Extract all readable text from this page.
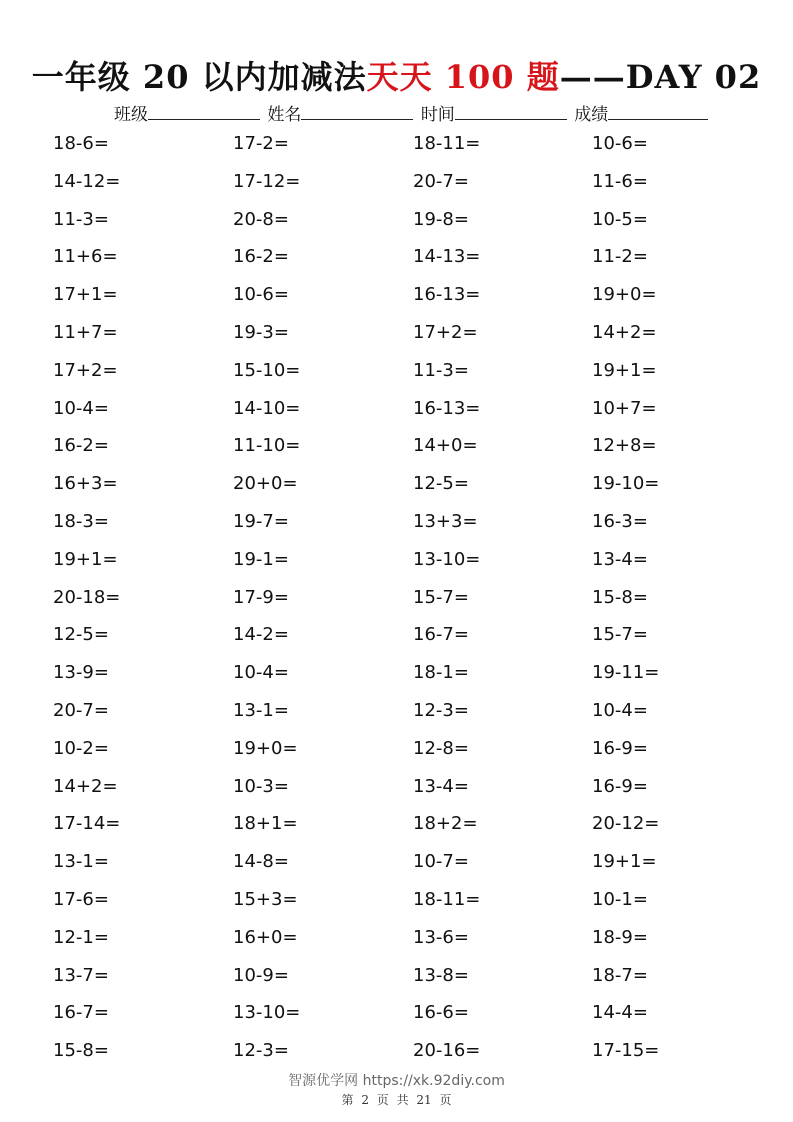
一年级 20 以内加减法天天 100 题——DAY 02
班级	姓名	时间	成绩
18-6=	17-2=	18-11=	10-6=
14-12=	17-12=	20-7=	11-6=
11-3=	20-8=	19-8=	10-5=
11+6=	16-2=	14-13=	11-2=
17+1=	10-6=	16-13=	19+0=
11+7=	19-3=	17+2=	14+2=
17+2=	15-10=	11-3=	19+1=
10-4=	14-10=	16-13=	10+7=
16-2=	11-10=	14+0=	12+8=
16+3=	20+0=	12-5=	19-10=
18-3=	19-7=	13+3=	16-3=
19+1=	19-1=	13-10=	13-4=
20-18=	17-9=	15-7=	15-8=
12-5=	14-2=	16-7=	15-7=
13-9=	10-4=	18-1=	19-11=
20-7=	13-1=	12-3=	10-4=
10-2=	19+0=	12-8=	16-9=
14+2=	10-3=	13-4=	16-9=
17-14=	18+1=	18+2=	20-12=
13-1=	14-8=	10-7=	19+1=
17-6=	15+3=	18-11=	10-1=
12-1=	16+0=	13-6=	18-9=
13-7=	10-9=	13-8=	18-7=
16-7=	13-10=	16-6=	14-4=
15-8=	12-3=	20-16=	17-15=
智源优学网 https://xk.92diy.com
第 2 页 共 21 页
